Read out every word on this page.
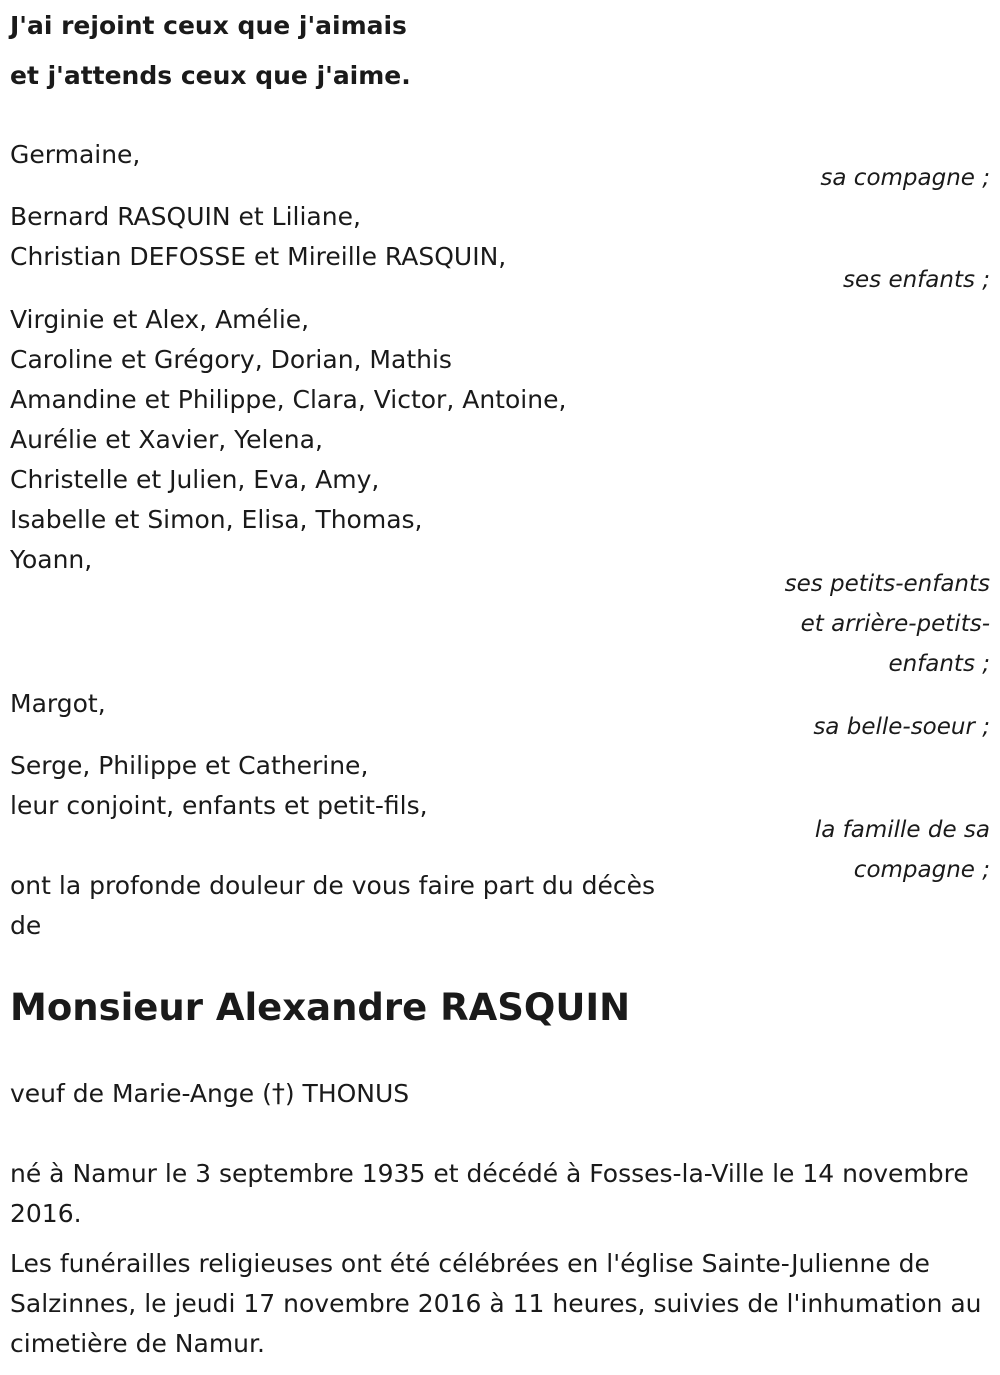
J'ai rejoint ceux que j'aimais
et j'attends ceux que j'aime.
Germaine,
sa compagne ;
Bernard RASQUIN et Liliane,
Christian DEFOSSE et Mireille RASQUIN,
ses enfants ;
Virginie et Alex, Amélie,
Caroline et Grégory, Dorian, Mathis
Amandine et Philippe, Clara, Victor, Antoine,
Aurélie et Xavier, Yelena,
Christelle et Julien, Eva, Amy,
Isabelle et Simon, Elisa, Thomas,
Yoann,
ses petits-enfants
et arrière-petits-
enfants ;
Margot,
sa belle-soeur ;
Serge, Philippe et Catherine,
leur conjoint, enfants et petit-fils,
la famille de sa
compagne ;
ont la profonde douleur de vous faire part du décès
de
Monsieur Alexandre RASQUIN
veuf de Marie-Ange (†) THONUS
né à Namur le 3 septembre 1935 et décédé à Fosses-la-Ville le 14 novembre 2016.
Les funérailles religieuses ont été célébrées en l'église Sainte-Julienne de Salzinnes, le jeudi 17 novembre 2016 à 11 heures, suivies de l'inhumation au cimetière de Namur.
